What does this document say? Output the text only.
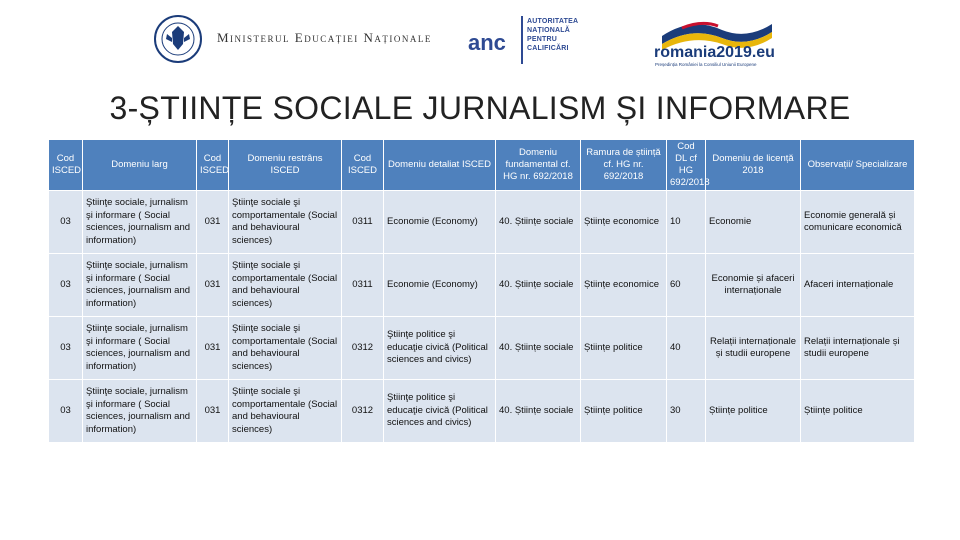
Ministerul Educației Naționale anc
AUTORITATEA
NAȚIONALĂ
PENTRU
CALIFICĂRI	romania2019.eu
Președinția României la Consiliul Uniunii Europene
3-ȘTIINȚE SOCIALE JURNALISM ȘI INFORMARE
Cod ISCED	Domeniu larg	Cod ISCED	Domeniu restrâns ISCED	Cod ISCED	Domeniu detaliat ISCED	Domeniu fundamental cf. HG nr. 692/2018	Ramura de știință cf. HG nr. 692/2018	Cod DL cf HG 692/2018	Domeniu de licență 2018	Observații/ Specializare
03	Ştiinţe sociale, jurnalism şi informare ( Social sciences, journalism and information)	031	Ştiinţe sociale şi comportamentale (Social and behavioural sciences)	0311	Economie (Economy)	40. Științe sociale	Științe economice	10	Economie	Economie generală și comunicare economică
03	Ştiinţe sociale, jurnalism şi informare ( Social sciences, journalism and information)	031	Ştiinţe sociale şi comportamentale (Social and behavioural sciences)	0311	Economie (Economy)	40. Științe sociale	Științe economice	60	Economie și afaceri internaționale	Afaceri internaționale
03	Ştiinţe sociale, jurnalism şi informare ( Social sciences, journalism and information)	031	Ştiinţe sociale şi comportamentale (Social and behavioural sciences)	0312	Ştiinţe politice şi educaţie civică (Political sciences and civics)	40. Științe sociale	Științe politice	40	Relații internaționale și studii europene	Relații internaționale și studii europene
03	Ştiinţe sociale, jurnalism şi informare ( Social sciences, journalism and information)	031	Ştiinţe sociale şi comportamentale (Social and behavioural sciences)	0312	Ştiinţe politice şi educaţie civică (Political sciences and civics)	40. Științe sociale	Științe politice	30	Științe politice	Științe politice
